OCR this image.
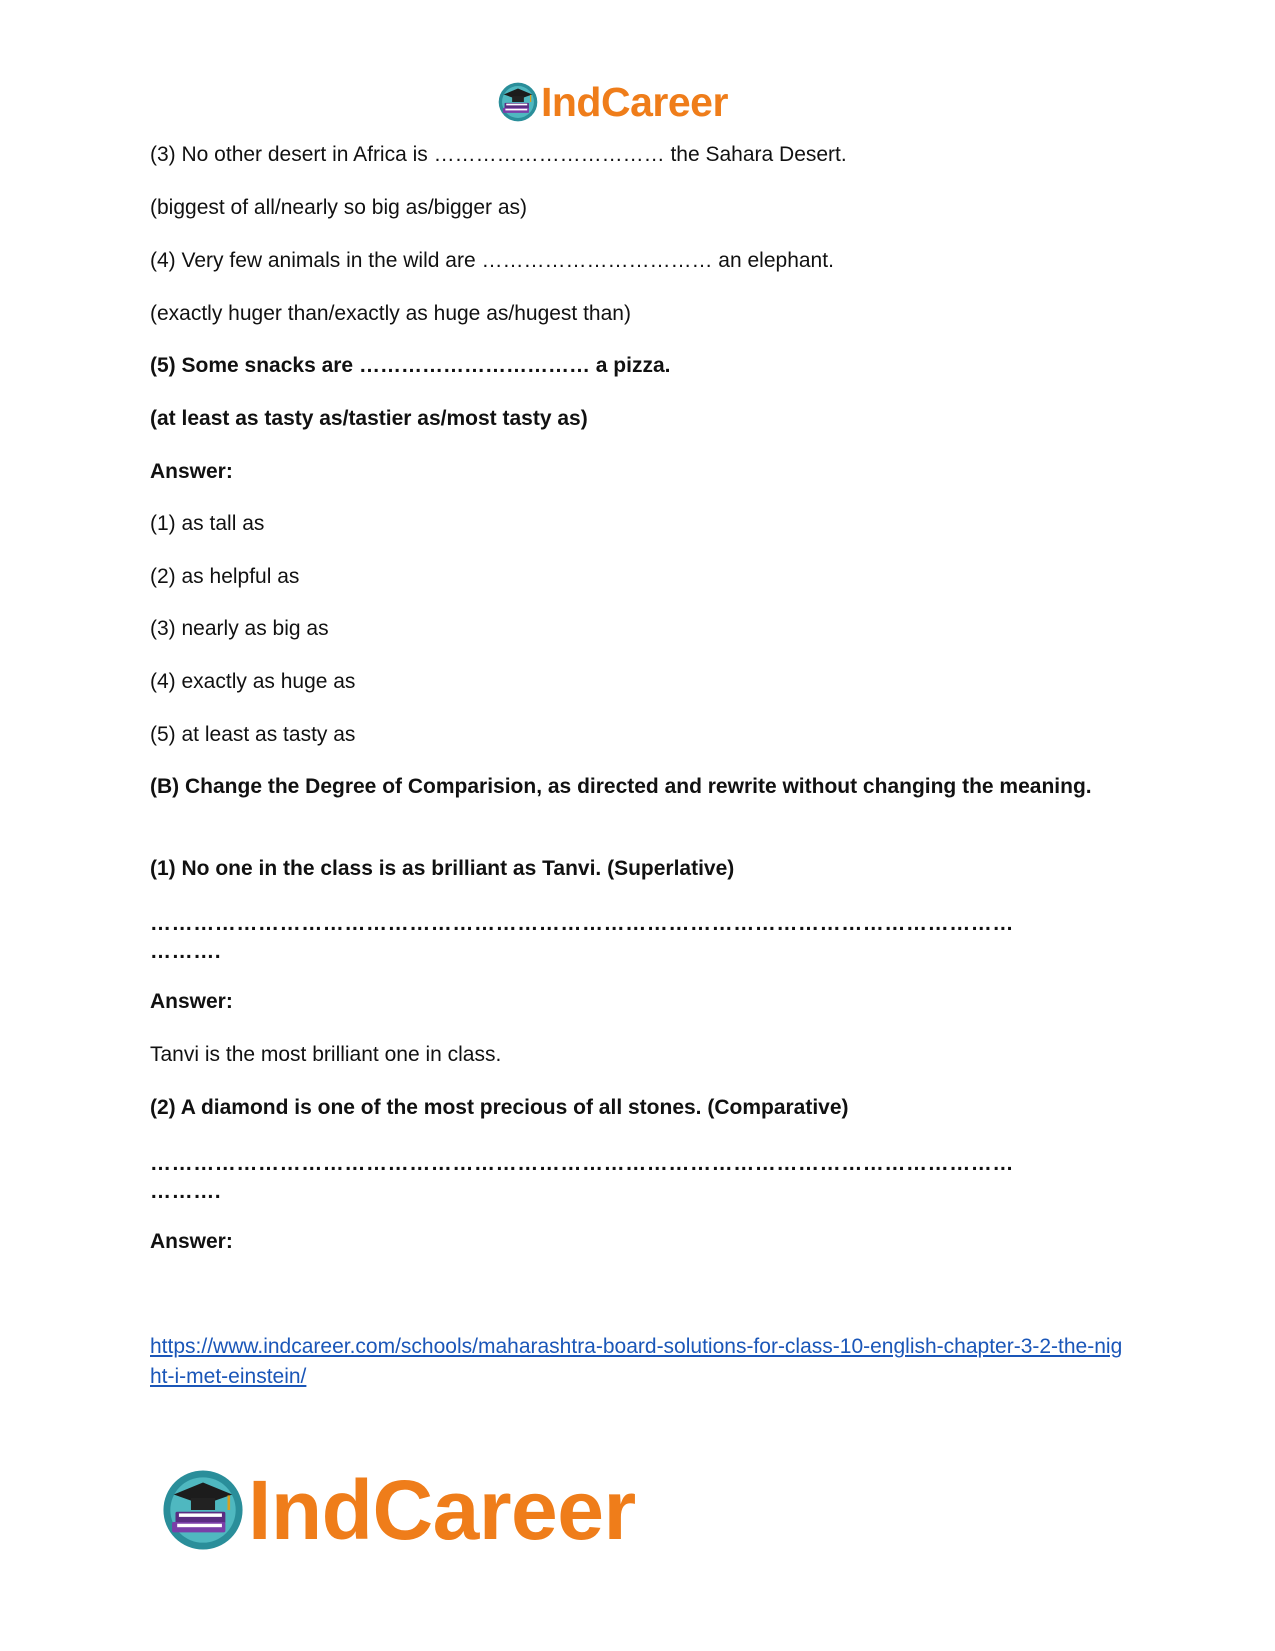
IndCareer
(3) No other desert in Africa is …………………………… the Sahara Desert.
(biggest of all/nearly so big as/bigger as)
(4) Very few animals in the wild are …………………………… an elephant.
(exactly huger than/exactly as huge as/hugest than)
(5) Some snacks are …………………………… a pizza.
(at least as tasty as/tastier as/most tasty as)
Answer:
(1) as tall as
(2) as helpful as
(3) nearly as big as
(4) exactly as huge as
(5) at least as tasty as
(B) Change the Degree of Comparision, as directed and rewrite without changing the meaning.
(1) No one in the class is as brilliant as Tanvi. (Superlative)
…………………………………………………………………………………………………………
……….
Answer:
Tanvi is the most brilliant one in class.
(2) A diamond is one of the most precious of all stones. (Comparative)
…………………………………………………………………………………………………………
……….
Answer:
https://www.indcareer.com/schools/maharashtra-board-solutions-for-class-10-english-chapter-3-2-the-night-i-met-einstein/
IndCareer
